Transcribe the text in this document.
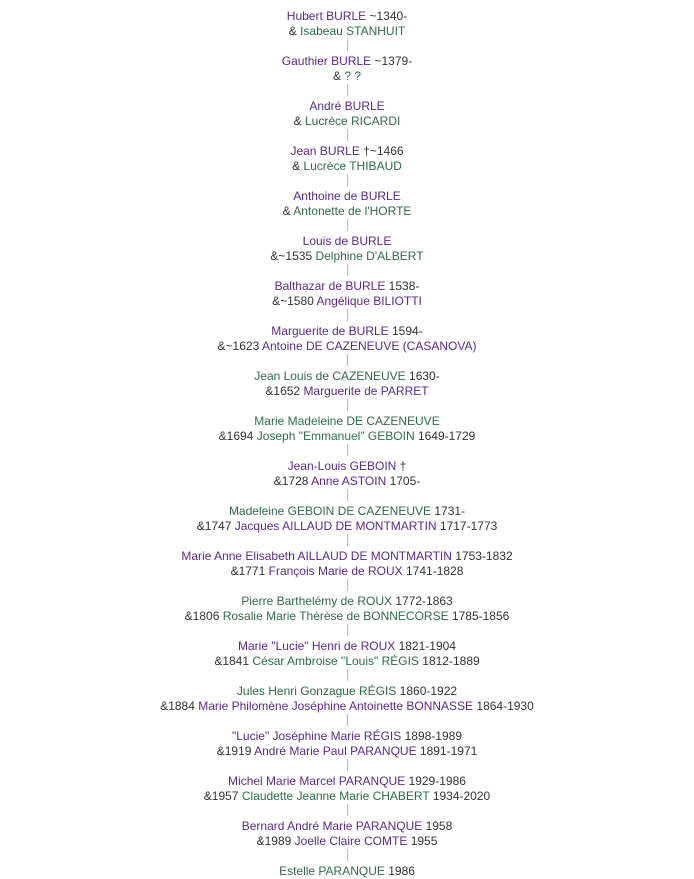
Hubert BURLE ~1340-
& Isabeau STANHUIT
Gauthier BURLE ~1379-
& ? ?
André BURLE
& Lucrèce RICARDI
Jean BURLE †~1466
& Lucrèce THIBAUD
Anthoine de BURLE
& Antonette de l'HORTE
Louis de BURLE
&~1535 Delphine D'ALBERT
Balthazar de BURLE 1538-
&~1580 Angélique BILIOTTI
Marguerite de BURLE 1594-
&~1623 Antoine DE CAZENEUVE (CASANOVA)
Jean Louis de CAZENEUVE 1630-
&1652 Marguerite de PARRET
Marie Madeleine DE CAZENEUVE
&1694 Joseph "Emmanuel" GEBOIN 1649-1729
Jean-Louis GEBOIN †
&1728 Anne ASTOIN 1705-
Madeleine GEBOIN DE CAZENEUVE 1731-
&1747 Jacques AILLAUD DE MONTMARTIN 1717-1773
Marie Anne Elisabeth AILLAUD DE MONTMARTIN 1753-1832
&1771 François Marie de ROUX 1741-1828
Pierre Barthelémy de ROUX 1772-1863
&1806 Rosalie Marie Thérèse de BONNECORSE 1785-1856
Marie "Lucie" Henri de ROUX 1821-1904
&1841 César Ambroise "Louis" RÉGIS 1812-1889
Jules Henri Gonzague RÉGIS 1860-1922
&1884 Marie Philomène Joséphine Antoinette BONNASSE 1864-1930
"Lucie" Joséphine Marie RÉGIS 1898-1989
&1919 André Marie Paul PARANQUE 1891-1971
Michel Marie Marcel PARANQUE 1929-1986
&1957 Claudette Jeanne Marie CHABERT 1934-2020
Bernard André Marie PARANQUE 1958
&1989 Joelle Claire COMTE 1955
Estelle PARANQUE 1986
